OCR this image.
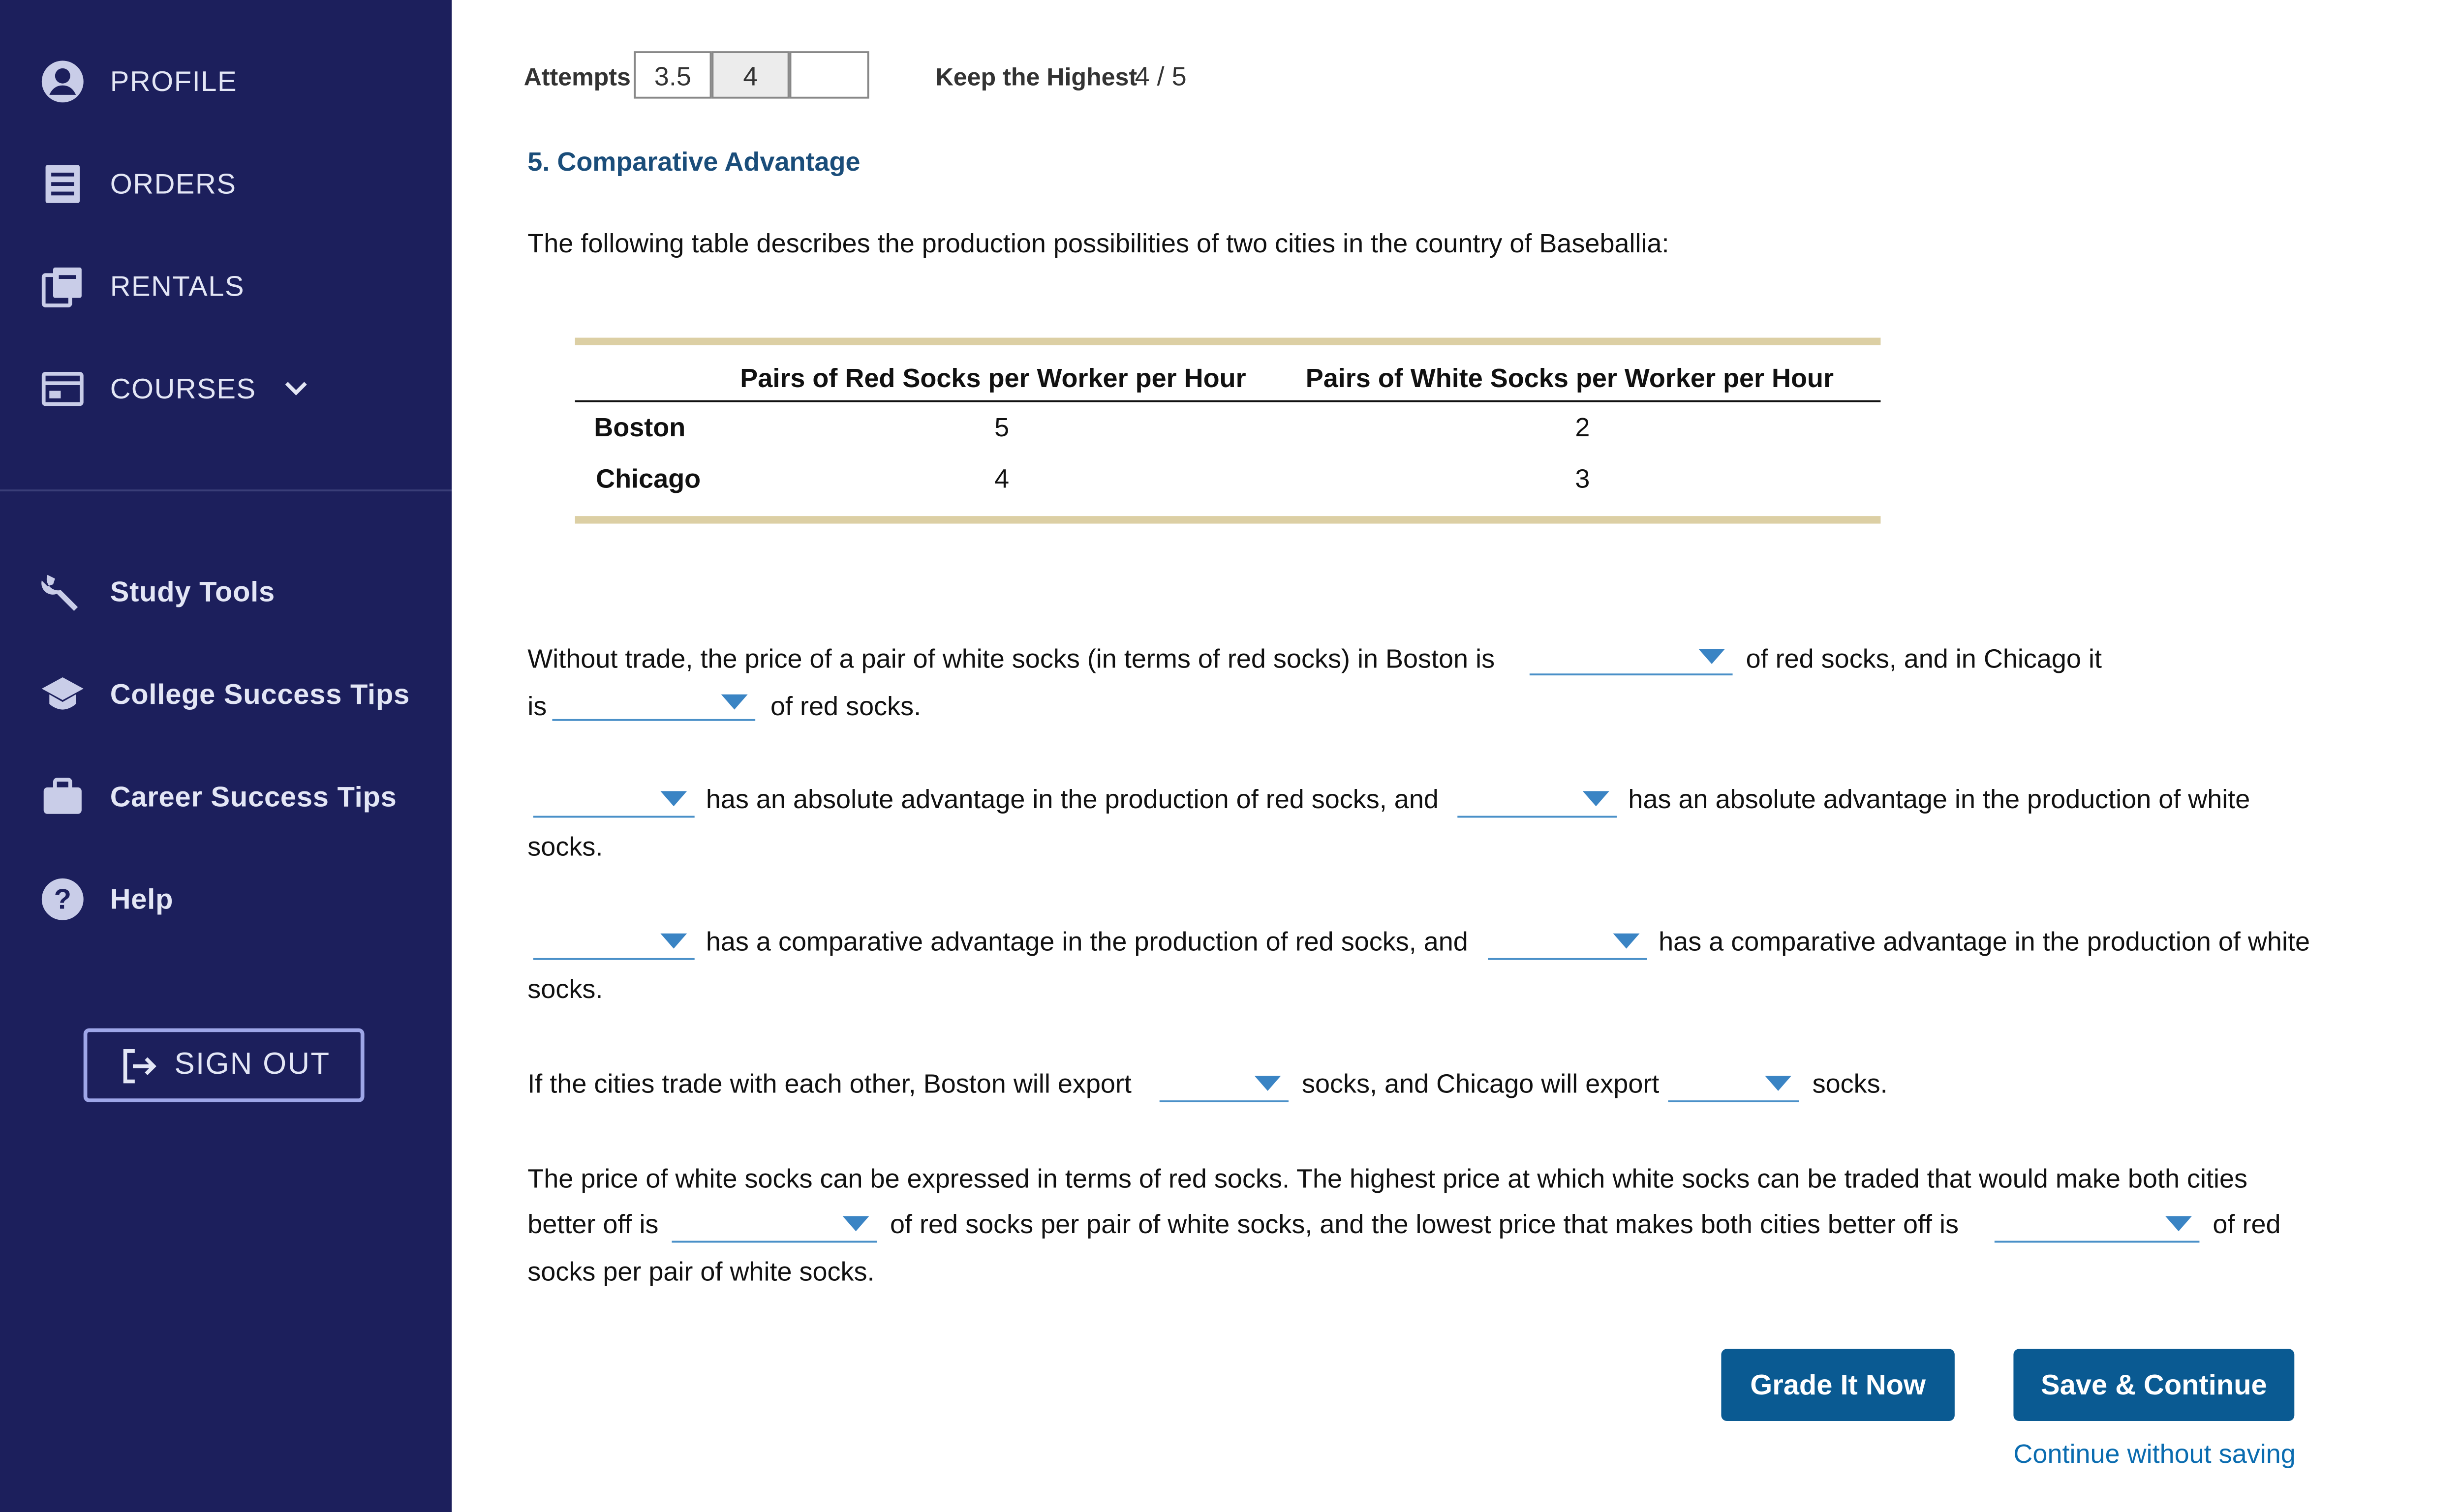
PROFILE
ORDERS
RENTALS
COURSES
Study Tools
College Success Tips
Career Success Tips
?	Help
SIGN OUT
Attempts	3.5	4	Keep the Highest
4 / 5
5. Comparative Advantage
The following table describes the production possibilities of two cities in the country of Baseballia:
Pairs of Red Socks per Worker per Hour	Pairs of White Socks per Worker per Hour
Boston	5	2
Chicago	4	3
Without trade, the price of a pair of white socks (in terms of red socks) in Boston is	of red socks, and in Chicago it
is	of red socks.
has an absolute advantage in the production of red socks, and	has an absolute advantage in the production of white
socks.
has a comparative advantage in the production of red socks, and	has a comparative advantage in the production of white
socks.
If the cities trade with each other, Boston will export	socks, and Chicago will export	socks.
The price of white socks can be expressed in terms of red socks. The highest price at which white socks can be traded that would make both cities
better off is	of red socks per pair of white socks, and the lowest price that makes both cities better off is	of red
socks per pair of white socks.
Grade It Now	Save & Continue
Continue without saving
